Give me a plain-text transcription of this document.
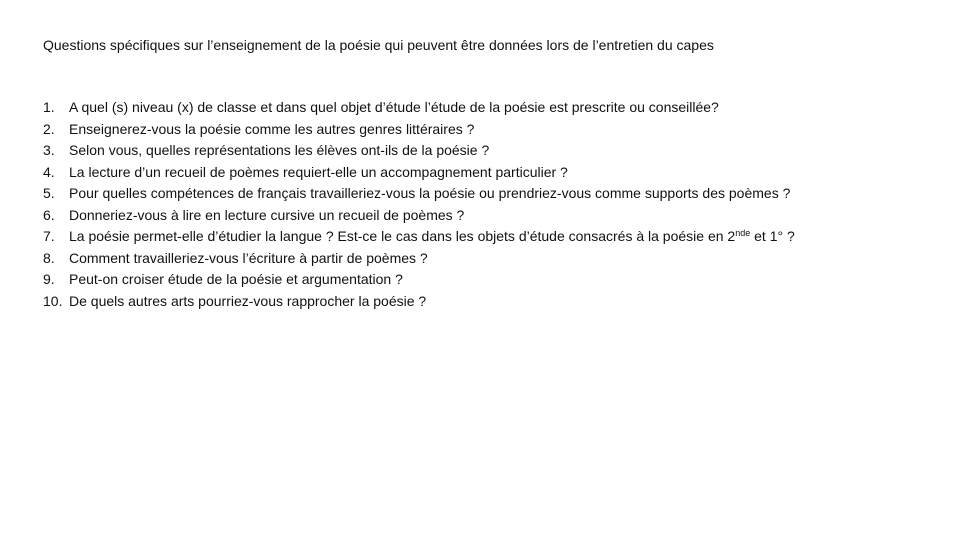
Questions spécifiques sur l’enseignement de la poésie qui peuvent être données lors de l’entretien du capes
1.	A quel (s) niveau (x) de classe et dans quel objet d’étude l’étude de la poésie est prescrite ou conseillée?
2.	Enseignerez-vous la poésie comme les autres genres littéraires ?
3.	Selon vous, quelles représentations les élèves ont-ils de la poésie ?
4.	La lecture d’un recueil de poèmes requiert-elle un accompagnement particulier ?
5.	Pour quelles compétences de français travailleriez-vous la poésie ou prendriez-vous comme supports des poèmes ?
6.	Donneriez-vous à lire en lecture cursive un recueil de poèmes ?
7.	La poésie permet-elle d’étudier la langue ? Est-ce le cas dans les objets d’étude consacrés à la poésie en 2nde et 1° ?
8.	Comment travailleriez-vous l’écriture à partir de poèmes ?
9.	Peut-on croiser étude de la poésie et argumentation ?
10. De quels autres arts pourriez-vous rapprocher la poésie ?
